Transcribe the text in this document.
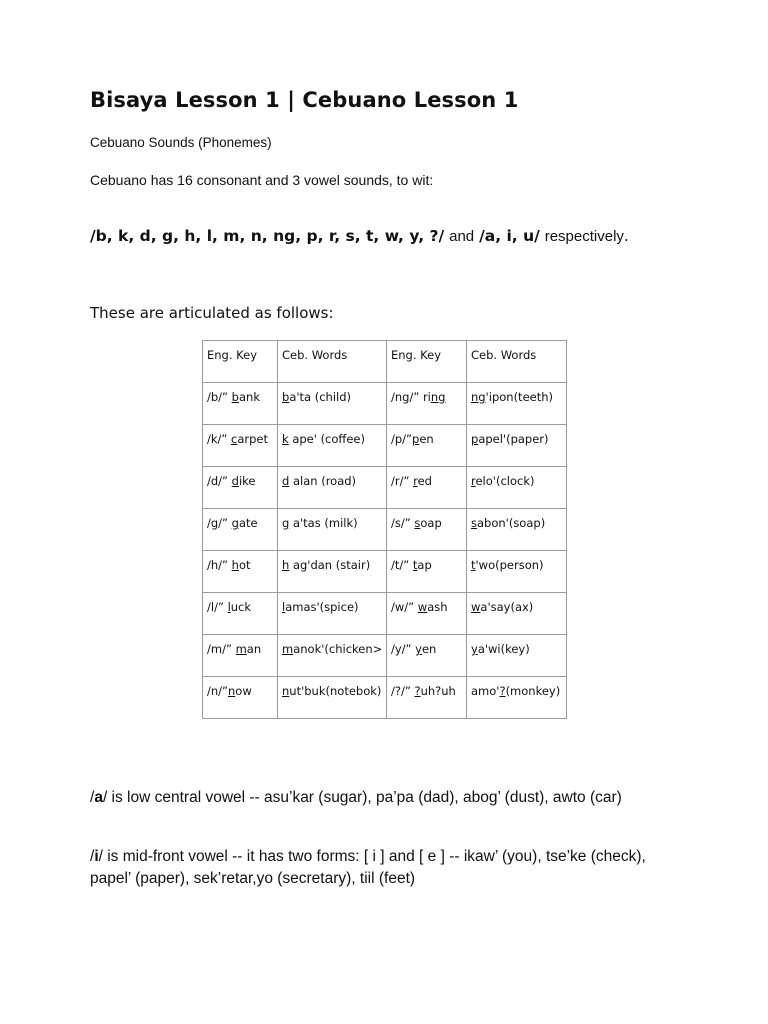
Bisaya Lesson 1 | Cebuano Lesson 1
Cebuano Sounds (Phonemes)
Cebuano has 16 consonant and 3 vowel sounds, to wit:
/b, k, d, g, h, l, m, n, ng, p, r, s, t, w, y, ?/ and /a, i, u/ respectively.
These are articulated as follows:
Eng. Key	Ceb. Words	Eng. Key	Ceb. Words
/b/” bank	ba'ta (child)	/ng/” ring	ng'ipon(teeth)
/k/” carpet	k ape' (coffee)	/p/”pen	papel'(paper)
/d/” dike	d alan (road)	/r/” red	relo'(clock)
/g/” gate	g a'tas (milk)	/s/” soap	sabon'(soap)
/h/” hot	h ag'dan (stair)	/t/” tap	t'wo(person)
/l/” luck	lamas'(spice)	/w/” wash	wa'say(ax)
/m/” man	manok'(chicken>	/y/” yen	ya'wi(key)
/n/”now	nut'buk(notebok)	/?/” ?uh?uh	amo'?(monkey)
/a/ is low central vowel -- asu’kar (sugar), pa’pa (dad), abog’ (dust), awto (car)
/i/ is mid-front vowel -- it has two forms: [ i ] and [ e ] -- ikaw’ (you), tse’ke (check), papel’ (paper), sek’retar,yo (secretary), tiil (feet)
